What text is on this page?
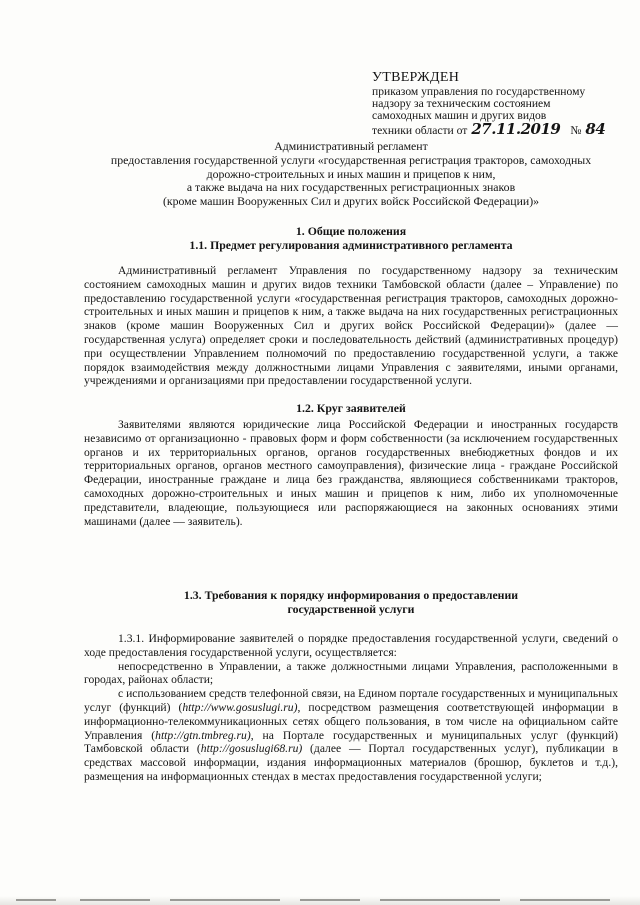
УТВЕРЖДЕН
приказом управления по государственному
надзору за техническим состоянием
самоходных машин и других видов
техники области от 27.11.2019 № 84
Административный регламент
предоставления государственной услуги «государственная регистрация тракторов, самоходных
дорожно-строительных и иных машин и прицепов к ним,
а также выдача на них государственных регистрационных знаков
(кроме машин Вооруженных Сил и других войск Российской Федерации)»
1. Общие положения
1.1. Предмет регулирования административного регламента

Административный регламент Управления по государственному надзору за техническим состоянием самоходных машин и других видов техники Тамбовской области (далее – Управление) по предоставлению государственной услуги «государственная регистрация тракторов, самоходных дорожно-строительных и иных машин и прицепов к ним, а также выдача на них государственных регистрационных знаков (кроме машин Вооруженных Сил и других войск Российской Федерации)» (далее — государственная услуга) определяет сроки и последовательность действий (административных процедур) при осуществлении Управлением полномочий по предоставлению государственной услуги, а также порядок взаимодействия между должностными лицами Управления с заявителями, иными органами, учреждениями и организациями при предоставлении государственной услуги.

1.2. Круг заявителей

Заявителями являются юридические лица Российской Федерации и иностранных государств независимо от организационно - правовых форм и форм собственности (за исключением государственных органов и их территориальных органов, органов государственных внебюджетных фондов и их территориальных органов, органов местного самоуправления), физические лица - граждане Российской Федерации, иностранные граждане и лица без гражданства, являющиеся собственниками тракторов, самоходных дорожно-строительных и иных машин и прицепов к ним, либо их уполномоченные представители, владеющие, пользующиеся или распоряжающиеся на законных основаниях этими машинами (далее — заявитель).

1.3. Требования к порядку информирования о предоставлении
государственной услуги

1.3.1. Информирование заявителей о порядке предоставления государственной услуги, сведений о ходе предоставления государственной услуги, осуществляется:

непосредственно в Управлении, а также должностными лицами Управления, расположенными в городах, районах области;

с использованием средств телефонной связи, на Едином портале государственных и муниципальных услуг (функций) (http://www.gosuslugi.ru), посредством размещения соответствующей информации в информационно-телекоммуникационных сетях общего пользования, в том числе на официальном сайте Управления (http://gtn.tmbreg.ru), на Портале государственных и муниципальных услуг (функций) Тамбовской области (http://gosuslugi68.ru) (далее — Портал государственных услуг), публикации в средствах массовой информации, издания информационных материалов (брошюр, буклетов и т.д.), размещения на информационных стендах в местах предоставления государственной услуги;
